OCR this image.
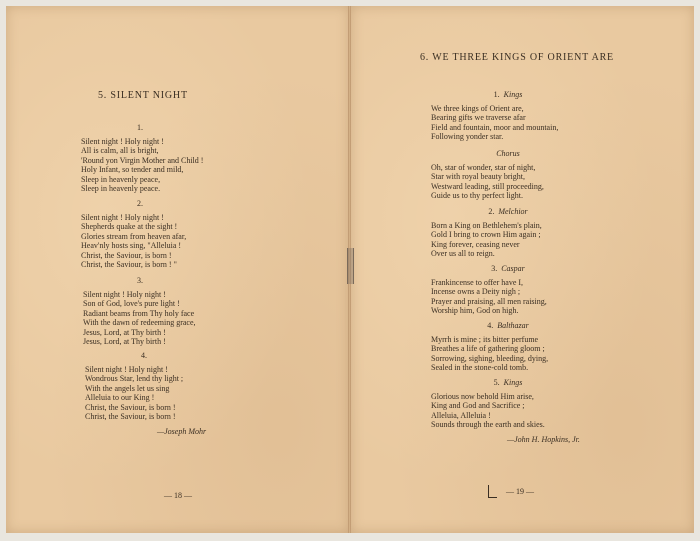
5. SILENT NIGHT
1.
Silent night ! Holy night !
All is calm, all is bright,
'Round yon Virgin Mother and Child !
Holy Infant, so tender and mild,
Sleep in heavenly peace,
Sleep in heavenly peace.
2.
Silent night ! Holy night !
Shepherds quake at the sight !
Glories stream from heaven afar,
Heav'nly hosts sing, "Alleluia !
Christ, the Saviour, is born !
Christ, the Saviour, is born ! "
3.
Silent night ! Holy night !
Son of God, love's pure light !
Radiant beams from Thy holy face
With the dawn of redeeming grace,
Jesus, Lord, at Thy birth !
Jesus, Lord, at Thy birth !
4.
Silent night ! Holy night !
Wondrous Star, lend thy light ;
With the angels let us sing
Alleluia to our King !
Christ, the Saviour, is born !
Christ, the Saviour, is born !
—Joseph Mohr
— 18 —
6. WE THREE KINGS OF ORIENT ARE
1. Kings
We three kings of Orient are,
Bearing gifts we traverse afar
Field and fountain, moor and mountain,
Following yonder star.
Chorus
Oh, star of wonder, star of night,
Star with royal beauty bright,
Westward leading, still proceeding,
Guide us to thy perfect light.
2. Melchior
Born a King on Bethlehem's plain,
Gold I bring to crown Him again ;
King forever, ceasing never
Over us all to reign.
3. Caspar
Frankincense to offer have I,
Incense owns a Deity nigh ;
Prayer and praising, all men raising,
Worship him, God on high.
4. Balthazar
Myrrh is mine ; its bitter perfume
Breathes a life of gathering gloom ;
Sorrowing, sighing, bleeding, dying,
Sealed in the stone-cold tomb.
5. Kings
Glorious now behold Him arise,
King and God and Sacrifice ;
Alleluia, Alleluia !
Sounds through the earth and skies.
—John H. Hopkins, Jr.
— 19 —
